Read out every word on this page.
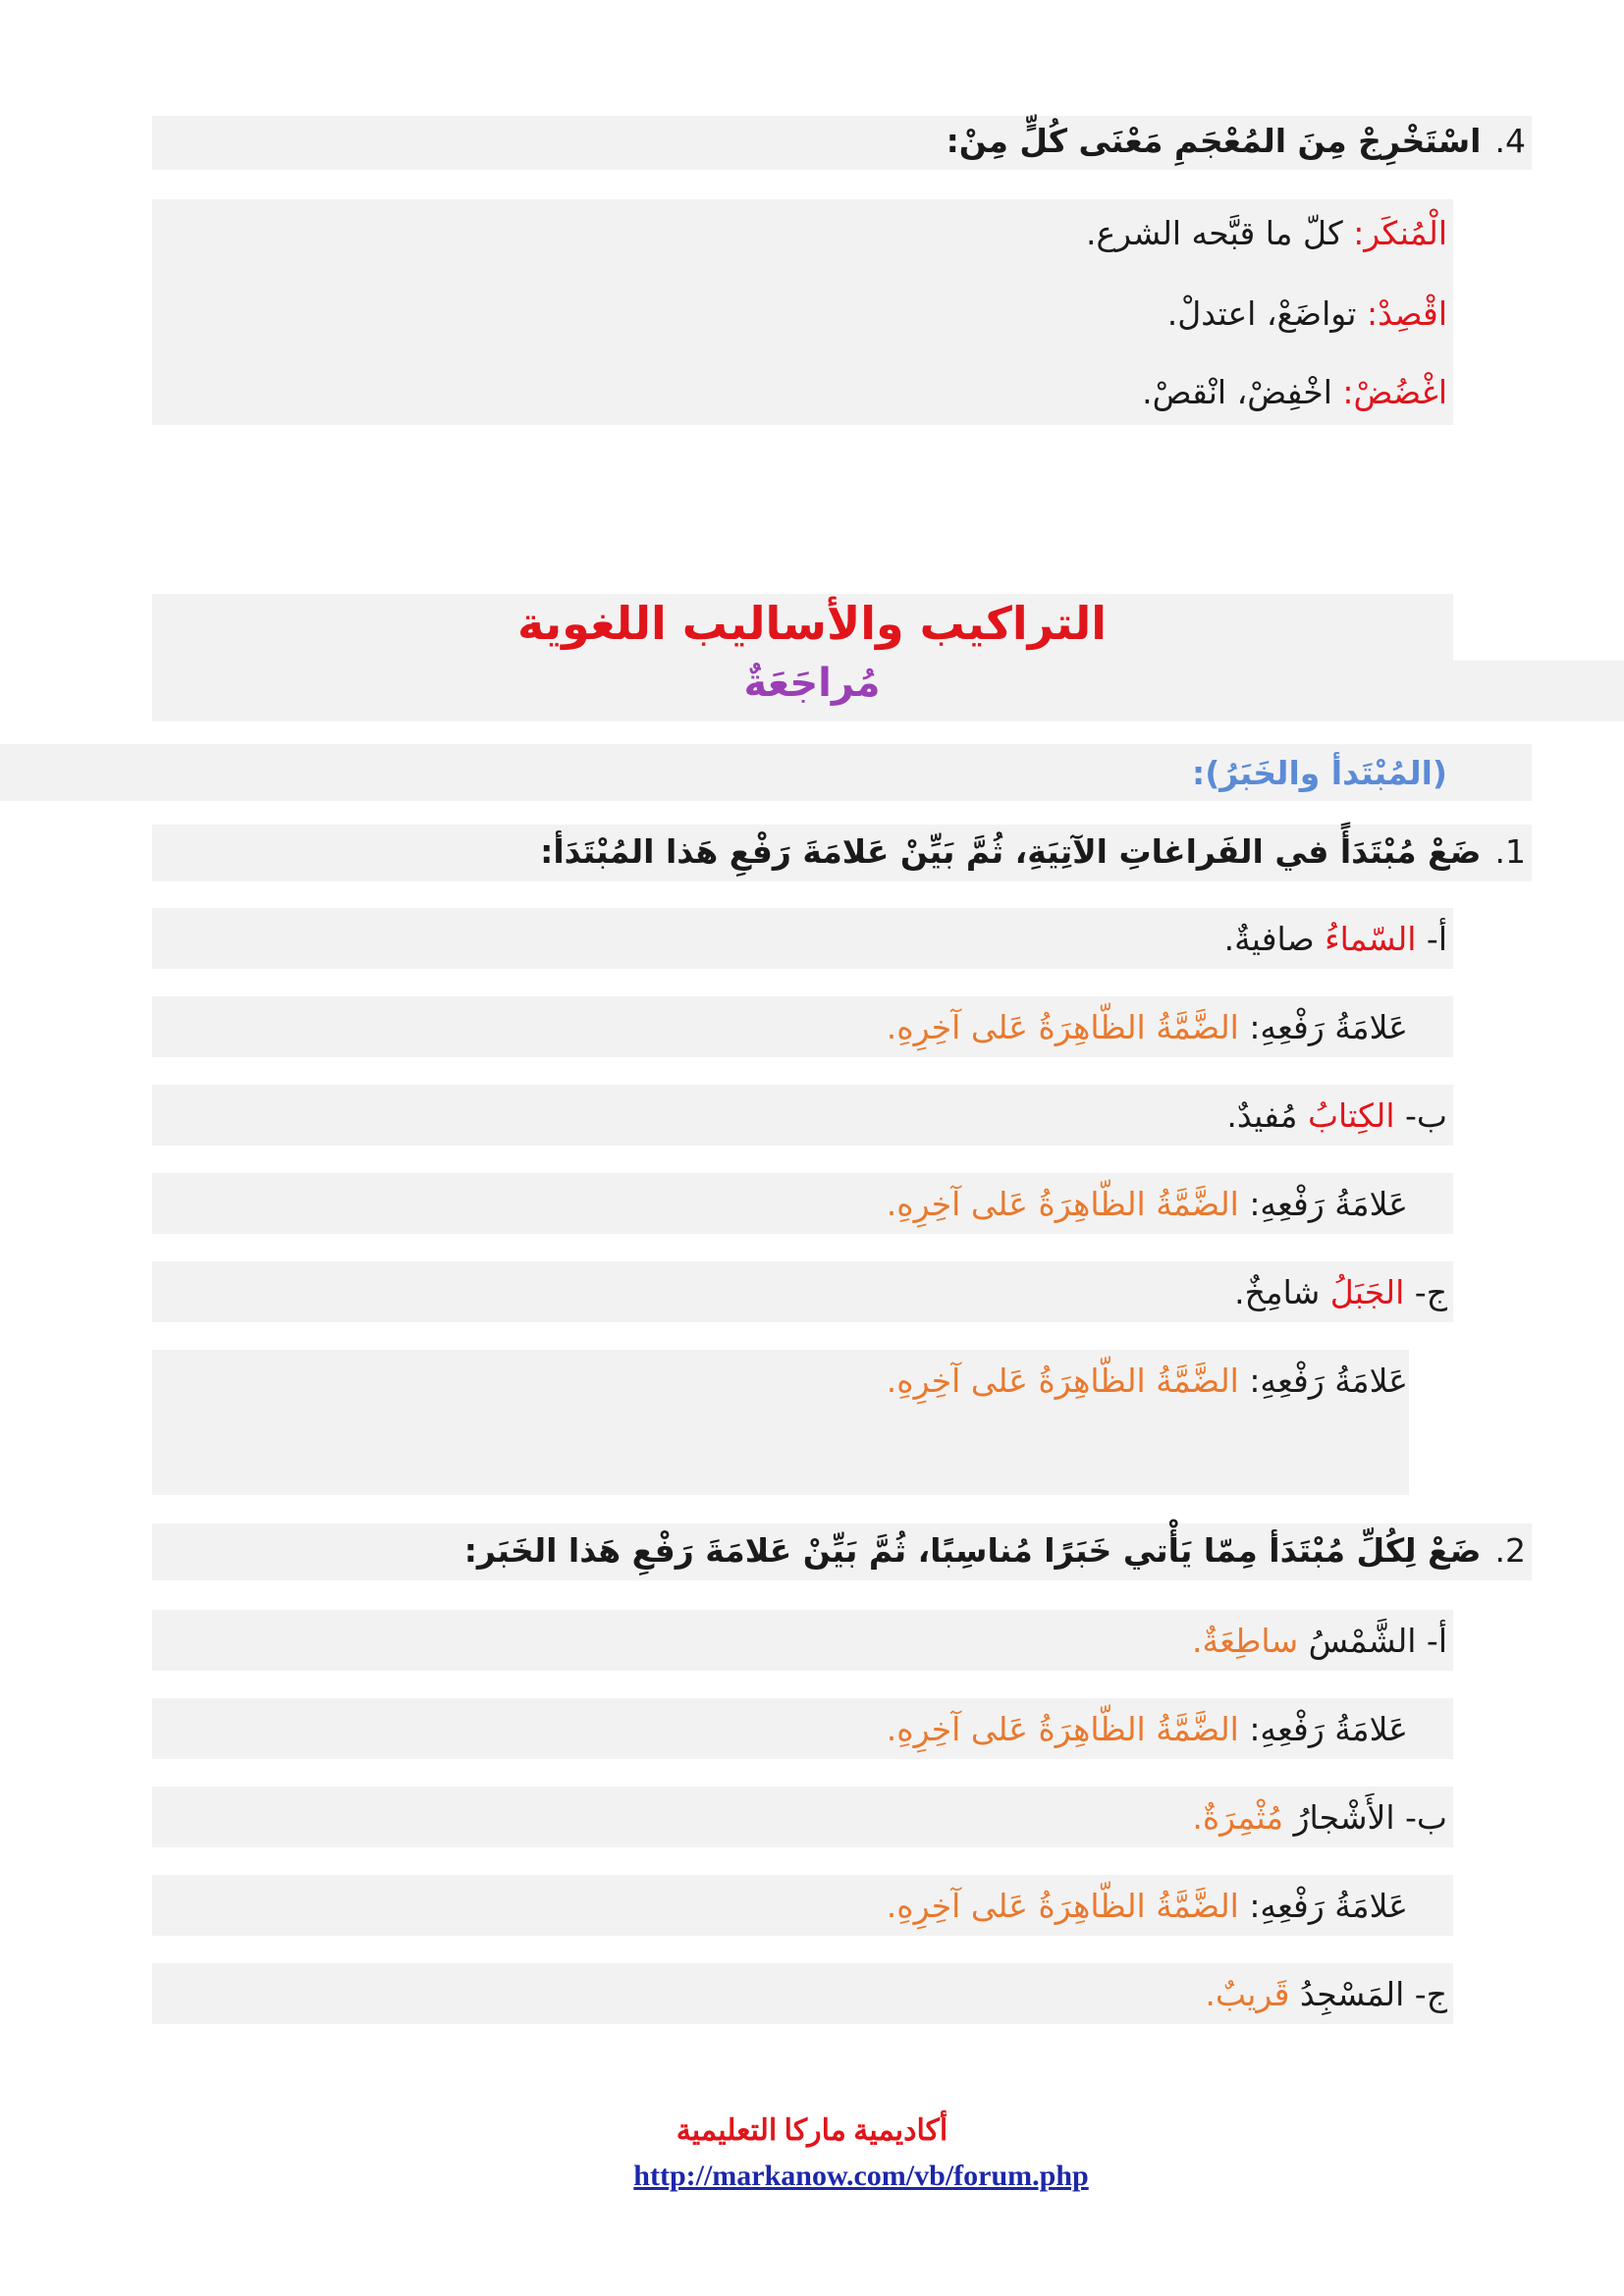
4.اسْتَخْرِجْ مِنَ المُعْجَمِ مَعْنَى كُلٍّ مِنْ:
الْمُنكَر: كلّ ما قبَّحه الشرع.
اقْصِدْ: تواضَعْ، اعتدلْ.
اغْضُضْ: اخْفِضْ، انْقصْ.
التراكيب والأساليب اللغوية
مُراجَعَةٌ
(المُبْتَدأ والخَبَرُ):
1.ضَعْ مُبْتَدَأً في الفَراغاتِ الآتِيَةِ، ثُمَّ بَيِّنْ عَلامَةَ رَفْعِ هَذا المُبْتَدَأ:
أ- السّماءُ صافيةٌ.
عَلامَةُ رَفْعِهِ: الضَّمَّةُ الظّاهِرَةُ عَلى آخِرِهِ.
ب- الكِتابُ مُفيدٌ.
عَلامَةُ رَفْعِهِ: الضَّمَّةُ الظّاهِرَةُ عَلى آخِرِهِ.
ج- الجَبَلُ شامِخٌ.
عَلامَةُ رَفْعِهِ: الضَّمَّةُ الظّاهِرَةُ عَلى آخِرِهِ.
2.ضَعْ لِكُلِّ مُبْتَدَأ مِمّا يَأْتي خَبَرًا مُناسِبًا، ثُمَّ بَيِّنْ عَلامَةَ رَفْعِ هَذا الخَبَر:
أ- الشَّمْسُ ساطِعَةٌ.
عَلامَةُ رَفْعِهِ: الضَّمَّةُ الظّاهِرَةُ عَلى آخِرِهِ.
ب- الأَشْجارُ مُثْمِرَةٌ.
عَلامَةُ رَفْعِهِ: الضَّمَّةُ الظّاهِرَةُ عَلى آخِرِهِ.
ج- المَسْجِدُ قَريبٌ.
أكاديمية ماركا التعليمية
http://markanow.com/vb/forum.php
